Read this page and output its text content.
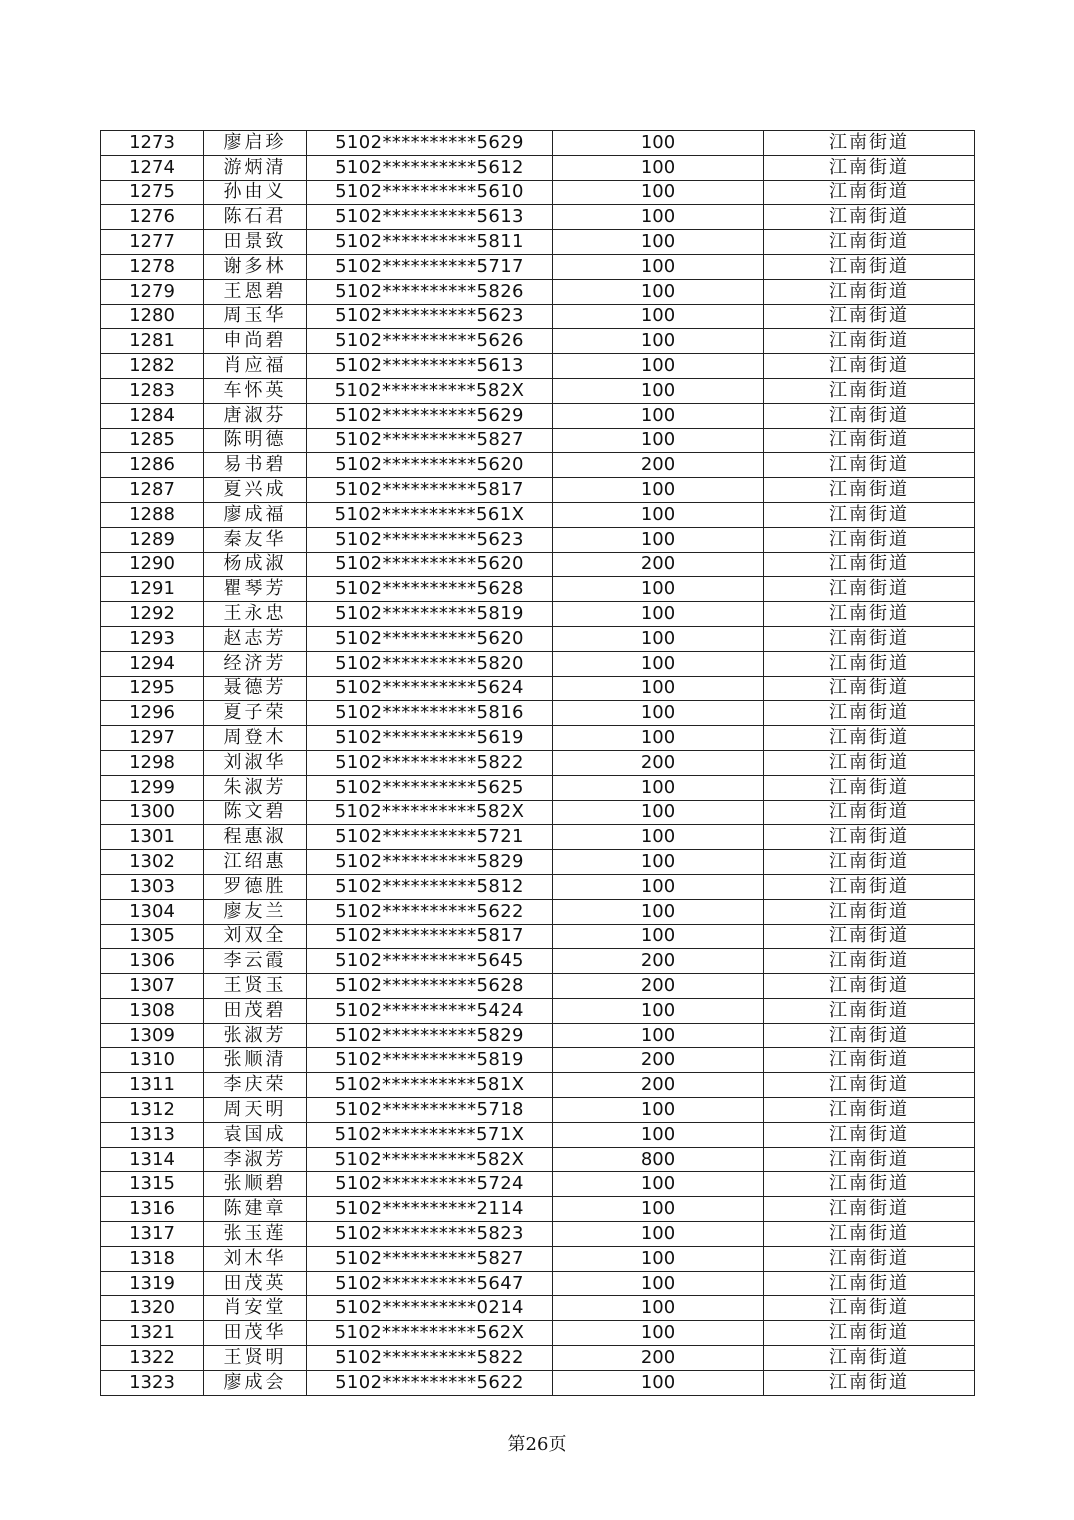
1273	廖启珍	5102**********5629	100	江南街道
1274	游炳清	5102**********5612	100	江南街道
1275	孙由义	5102**********5610	100	江南街道
1276	陈石君	5102**********5613	100	江南街道
1277	田景致	5102**********5811	100	江南街道
1278	谢多林	5102**********5717	100	江南街道
1279	王恩碧	5102**********5826	100	江南街道
1280	周玉华	5102**********5623	100	江南街道
1281	申尚碧	5102**********5626	100	江南街道
1282	肖应福	5102**********5613	100	江南街道
1283	车怀英	5102**********582X	100	江南街道
1284	唐淑芬	5102**********5629	100	江南街道
1285	陈明德	5102**********5827	100	江南街道
1286	易书碧	5102**********5620	200	江南街道
1287	夏兴成	5102**********5817	100	江南街道
1288	廖成福	5102**********561X	100	江南街道
1289	秦友华	5102**********5623	100	江南街道
1290	杨成淑	5102**********5620	200	江南街道
1291	瞿琴芳	5102**********5628	100	江南街道
1292	王永忠	5102**********5819	100	江南街道
1293	赵志芳	5102**********5620	100	江南街道
1294	经济芳	5102**********5820	100	江南街道
1295	聂德芳	5102**********5624	100	江南街道
1296	夏子荣	5102**********5816	100	江南街道
1297	周登木	5102**********5619	100	江南街道
1298	刘淑华	5102**********5822	200	江南街道
1299	朱淑芳	5102**********5625	100	江南街道
1300	陈文碧	5102**********582X	100	江南街道
1301	程惠淑	5102**********5721	100	江南街道
1302	江绍惠	5102**********5829	100	江南街道
1303	罗德胜	5102**********5812	100	江南街道
1304	廖友兰	5102**********5622	100	江南街道
1305	刘双全	5102**********5817	100	江南街道
1306	李云霞	5102**********5645	200	江南街道
1307	王贤玉	5102**********5628	200	江南街道
1308	田茂碧	5102**********5424	100	江南街道
1309	张淑芳	5102**********5829	100	江南街道
1310	张顺清	5102**********5819	200	江南街道
1311	李庆荣	5102**********581X	200	江南街道
1312	周天明	5102**********5718	100	江南街道
1313	袁国成	5102**********571X	100	江南街道
1314	李淑芳	5102**********582X	800	江南街道
1315	张顺碧	5102**********5724	100	江南街道
1316	陈建章	5102**********2114	100	江南街道
1317	张玉莲	5102**********5823	100	江南街道
1318	刘木华	5102**********5827	100	江南街道
1319	田茂英	5102**********5647	100	江南街道
1320	肖安堂	5102**********0214	100	江南街道
1321	田茂华	5102**********562X	100	江南街道
1322	王贤明	5102**********5822	200	江南街道
1323	廖成会	5102**********5622	100	江南街道
第26页
